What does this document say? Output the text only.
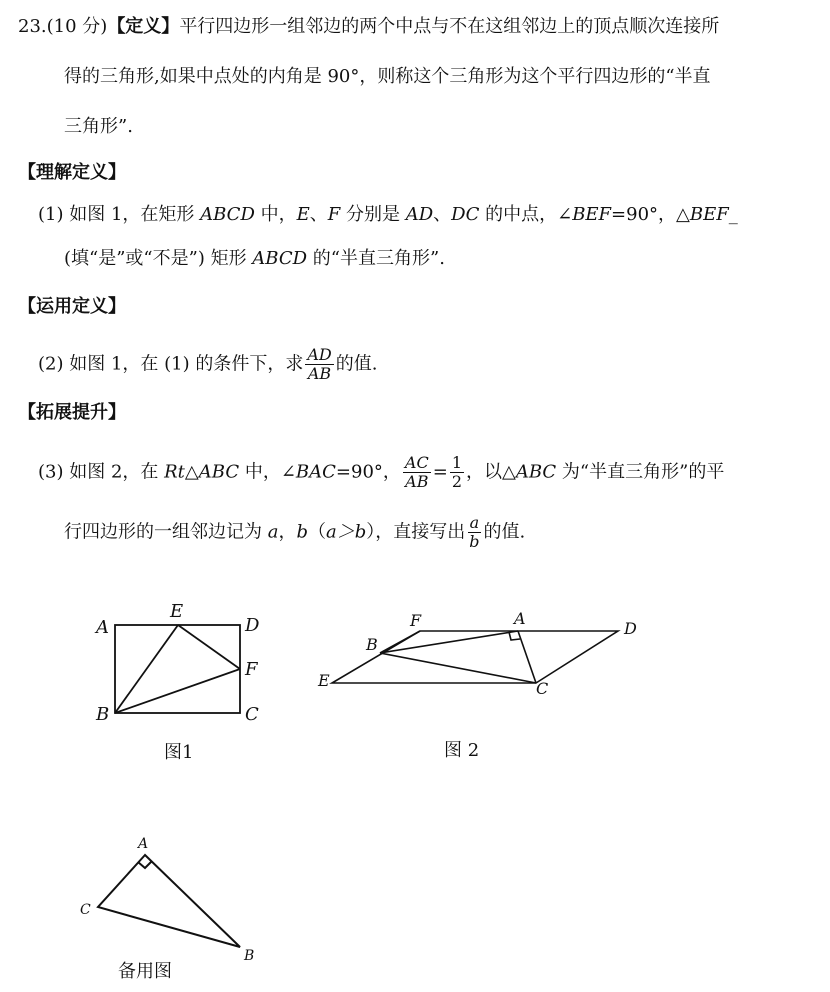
23.(10 分)【定义】平行四边形一组邻边的两个中点与不在这组邻边上的顶点顺次连接所
得的三角形,如果中点处的内角是 90°，则称这个三角形为这个平行四边形的“半直
三角形”.
【理解定义】
(1) 如图 1，在矩形 ABCD 中，E、F 分别是 AD、DC 的中点，∠BEF=90°，△BEF_
(填“是”或“不是”) 矩形 ABCD 的“半直三角形”.
【运用定义】
(2) 如图 1，在 (1) 的条件下，求 $\frac{AD}{AB}$ 的值.
【拓展提升】
(3) 如图 2，在 Rt△ABC 中，∠BAC=90°， $\frac{AC}{AB} = \frac{1}{2}$ ，以△ABC 为“半直三角形”的平
行四边形的一组邻边记为 a，b（a＞b），直接写出 $\frac{a}{b}$ 的值.
A
E
D
F
B	C
图1
F	A
D
B
E	C
图 2
A
C
B
备用图
